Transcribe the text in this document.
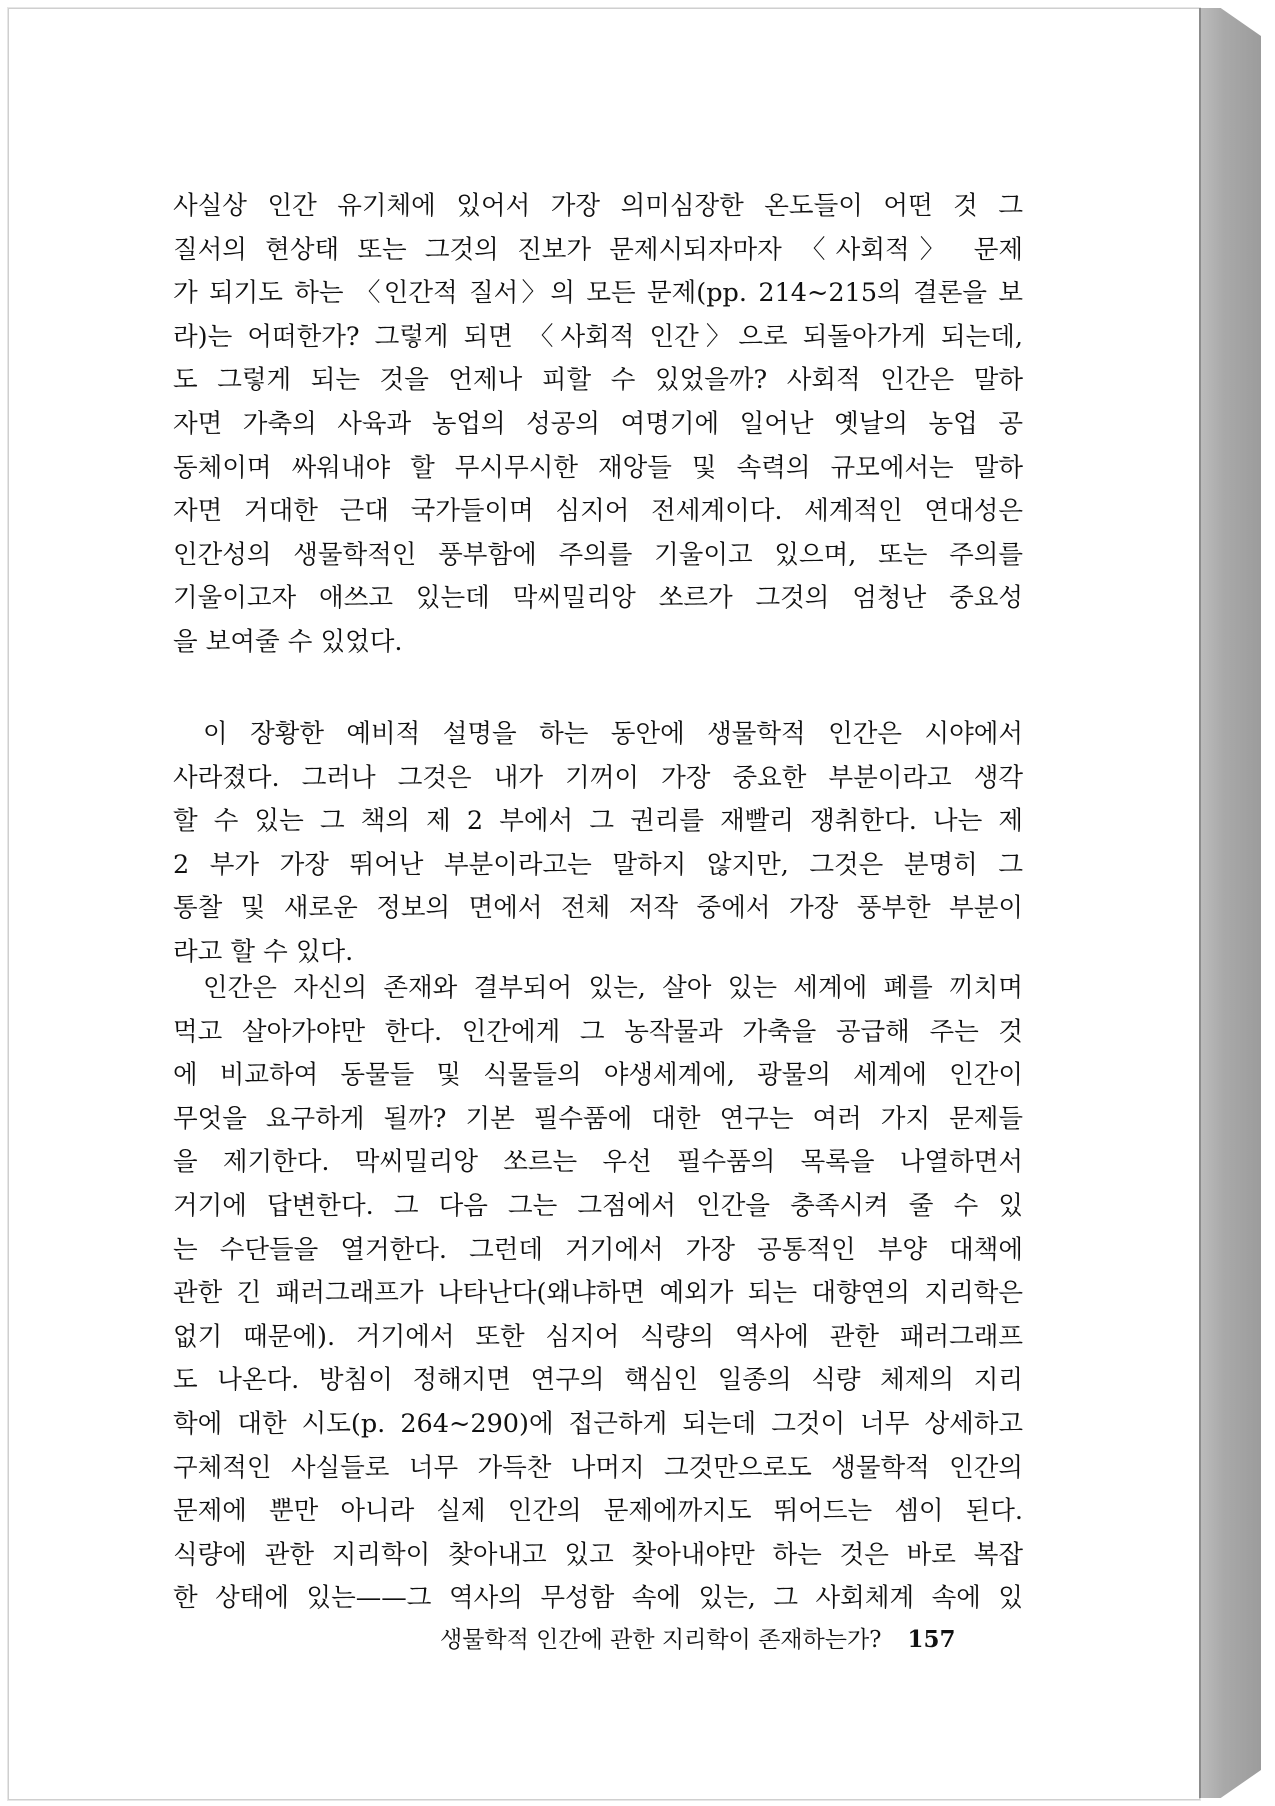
사실상 인간 유기체에 있어서 가장 의미심장한 온도들이 어떤 것 그
질서의 현상태 또는 그것의 진보가 문제시되자마자 〈사회적〉 문제
가 되기도 하는 〈인간적 질서〉의 모든 문제(pp. 214~215의 결론을 보
라)는 어떠한가? 그렇게 되면 〈사회적 인간〉으로 되돌아가게 되는데,
도 그렇게 되는 것을 언제나 피할 수 있었을까? 사회적 인간은 말하
자면 가축의 사육과 농업의 성공의 여명기에 일어난 옛날의 농업 공
동체이며 싸워내야 할 무시무시한 재앙들 및 속력의 규모에서는 말하
자면 거대한 근대 국가들이며 심지어 전세계이다. 세계적인 연대성은
인간성의 생물학적인 풍부함에 주의를 기울이고 있으며, 또는 주의를
기울이고자 애쓰고 있는데 막씨밀리앙 쏘르가 그것의 엄청난 중요성
을 보여줄 수 있었다.
이 장황한 예비적 설명을 하는 동안에 생물학적 인간은 시야에서
사라졌다. 그러나 그것은 내가 기꺼이 가장 중요한 부분이라고 생각
할 수 있는 그 책의 제 2 부에서 그 권리를 재빨리 쟁취한다. 나는 제
2 부가 가장 뛰어난 부분이라고는 말하지 않지만, 그것은 분명히 그
통찰 및 새로운 정보의 면에서 전체 저작 중에서 가장 풍부한 부분이
라고 할 수 있다.
인간은 자신의 존재와 결부되어 있는, 살아 있는 세계에 폐를 끼치며
먹고 살아가야만 한다. 인간에게 그 농작물과 가축을 공급해 주는 것
에 비교하여 동물들 및 식물들의 야생세계에, 광물의 세계에 인간이
무엇을 요구하게 될까? 기본 필수품에 대한 연구는 여러 가지 문제들
을 제기한다. 막씨밀리앙 쏘르는 우선 필수품의 목록을 나열하면서
거기에 답변한다. 그 다음 그는 그점에서 인간을 충족시켜 줄 수 있
는 수단들을 열거한다. 그런데 거기에서 가장 공통적인 부양 대책에
관한 긴 패러그래프가 나타난다(왜냐하면 예외가 되는 대향연의 지리학은
없기 때문에). 거기에서 또한 심지어 식량의 역사에 관한 패러그래프
도 나온다. 방침이 정해지면 연구의 핵심인 일종의 식량 체제의 지리
학에 대한 시도(p. 264~290)에 접근하게 되는데 그것이 너무 상세하고
구체적인 사실들로 너무 가득찬 나머지 그것만으로도 생물학적 인간의
문제에 뿐만 아니라 실제 인간의 문제에까지도 뛰어드는 셈이 된다.
식량에 관한 지리학이 찾아내고 있고 찾아내야만 하는 것은 바로 복잡
한 상태에 있는——그 역사의 무성함 속에 있는, 그 사회체계 속에 있
생물학적 인간에 관한 지리학이 존재하는가? 157
